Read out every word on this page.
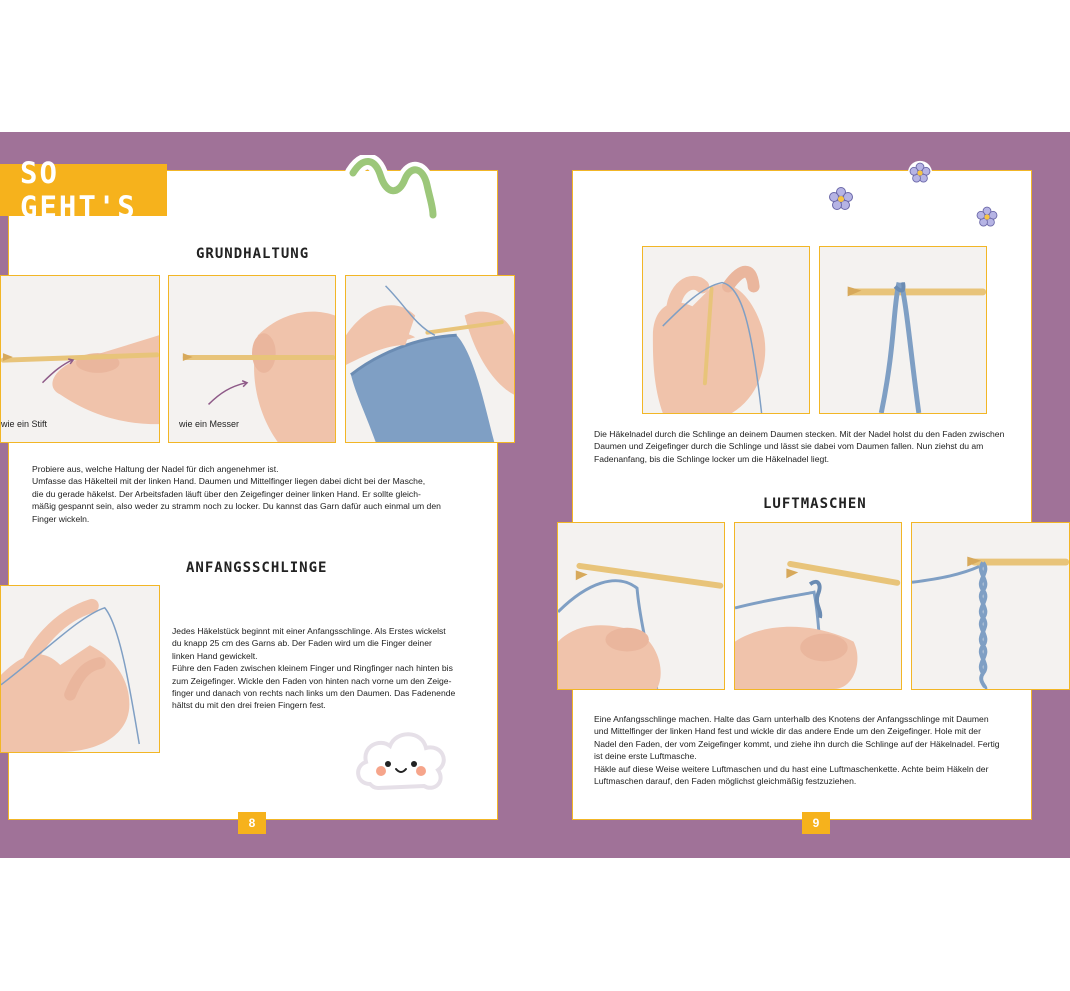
SO GEHT'S
GRUNDHALTUNG
wie ein Stift	wie ein Messer

Probiere aus, welche Haltung der Nadel für dich angenehmer ist.

Umfasse das Häkelteil mit der linken Hand. Daumen und Mittelfinger liegen dabei dicht bei der Masche,

die du gerade häkelst. Der Arbeitsfaden läuft über den Zeigefinger deiner linken Hand. Er sollte gleich-

mäßig gespannt sein, also weder zu stramm noch zu locker. Du kannst das Garn dafür auch einmal um den

Finger wickeln.

ANFANGSSCHLINGE

Jedes Häkelstück beginnt mit einer Anfangsschlinge. Als Erstes wickelst

du knapp 25 cm des Garns ab. Der Faden wird um die Finger deiner

linken Hand gewickelt.

Führe den Faden zwischen kleinem Finger und Ringfinger nach hinten bis

zum Zeigefinger. Wickle den Faden von hinten nach vorne um den Zeige-

finger und danach von rechts nach links um den Daumen. Das Fadenende

hältst du mit den drei freien Fingern fest.

8

Die Häkelnadel durch die Schlinge an deinem Daumen stecken. Mit der Nadel holst du den Faden zwischen

Daumen und Zeigefinger durch die Schlinge und lässt sie dabei vom Daumen fallen. Nun ziehst du am

Fadenanfang, bis die Schlinge locker um die Häkelnadel liegt.

LUFTMASCHEN

Eine Anfangsschlinge machen. Halte das Garn unterhalb des Knotens der Anfangsschlinge mit Daumen

und Mittelfinger der linken Hand fest und wickle dir das andere Ende um den Zeigefinger. Hole mit der

Nadel den Faden, der vom Zeigefinger kommt, und ziehe ihn durch die Schlinge auf der Häkelnadel. Fertig

ist deine erste Luftmasche.

Häkle auf diese Weise weitere Luftmaschen und du hast eine Luftmaschenkette. Achte beim Häkeln der

Luftmaschen darauf, den Faden möglichst gleichmäßig festzuziehen.

9
